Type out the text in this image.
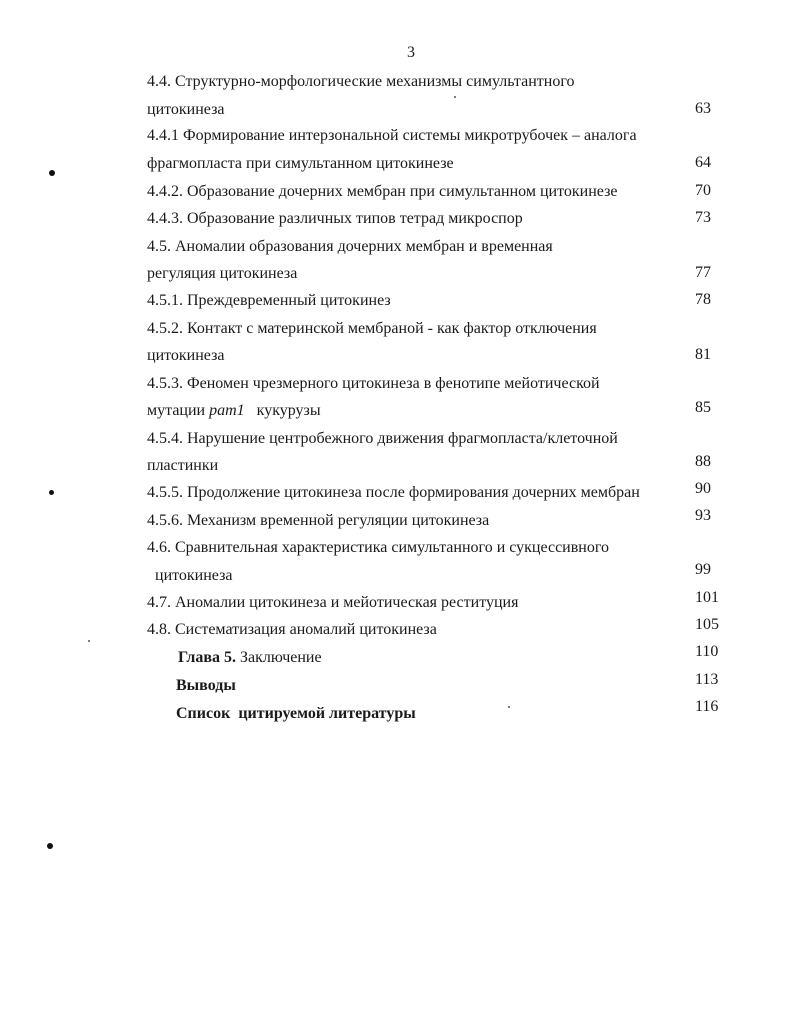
3
4.4. Структурно-морфологические механизмы симультантного
цитокинеза	63
4.4.1 Формирование интерзональной системы микротрубочек – аналога
фрагмопласта при симультанном цитокинезе	64
4.4.2. Образование дочерних мембран при симультанном цитокинезе	70
4.4.3. Образование различных типов тетрад микроспор	73
4.5. Аномалии образования дочерних мембран и временная
регуляция цитокинеза	77
4.5.1. Преждевременный цитокинез	78
4.5.2. Контакт с материнской мембраной - как фактор отключения
цитокинеза	81
4.5.3. Феномен чрезмерного цитокинеза в фенотипе мейотической
мутации pam1   кукурузы	85
4.5.4. Нарушение центробежного движения фрагмопласта/клеточной
пластинки	88
4.5.5. Продолжение цитокинеза после формирования дочерних мембран	90
4.5.6. Механизм временной регуляции цитокинеза	93
4.6. Сравнительная характеристика симультанного и сукцессивного
цитокинеза	99
4.7. Аномалии цитокинеза и мейотическая реституция	101
4.8. Систематизация аномалий цитокинеза	105
Глава 5. Заключение	110
Выводы	113
Список  цитируемой литературы	116
